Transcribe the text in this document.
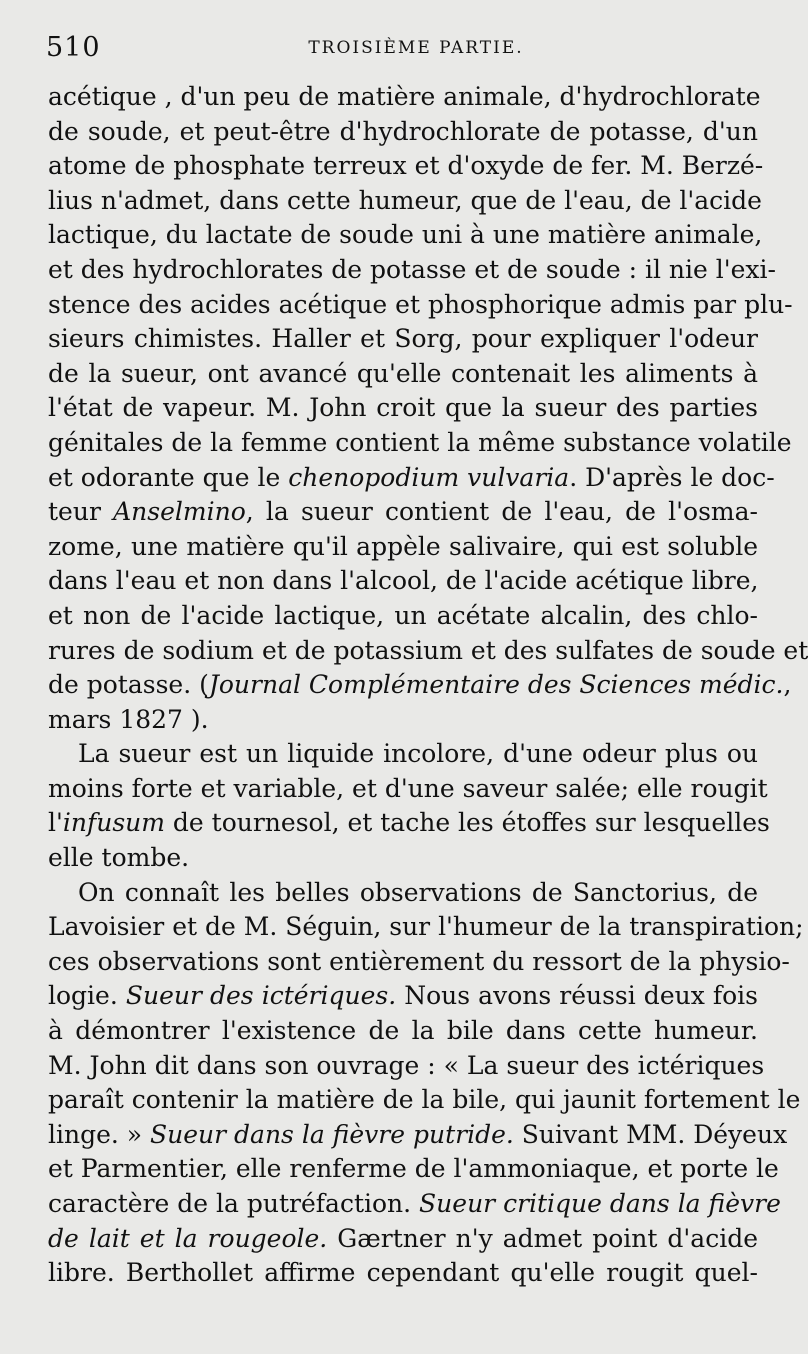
510	TROISIÈME PARTIE.
acétique , d'un peu de matière animale, d'hydrochlorate
de soude, et peut-être d'hydrochlorate de potasse, d'un
atome de phosphate terreux et d'oxyde de fer. M. Berzé-
lius n'admet, dans cette humeur, que de l'eau, de l'acide
lactique, du lactate de soude uni à une matière animale,
et des hydrochlorates de potasse et de soude : il nie l'exi-
stence des acides acétique et phosphorique admis par plu-
sieurs chimistes. Haller et Sorg, pour expliquer l'odeur
de la sueur, ont avancé qu'elle contenait les aliments à
l'état de vapeur. M. John croit que la sueur des parties
génitales de la femme contient la même substance volatile
et odorante que le chenopodium vulvaria. D'après le doc-
teur Anselmino, la sueur contient de l'eau, de l'osma-
zome, une matière qu'il appèle salivaire, qui est soluble
dans l'eau et non dans l'alcool, de l'acide acétique libre,
et non de l'acide lactique, un acétate alcalin, des chlo-
rures de sodium et de potassium et des sulfates de soude et
de potasse. (Journal Complémentaire des Sciences médic.,
mars 1827 ).
La sueur est un liquide incolore, d'une odeur plus ou
moins forte et variable, et d'une saveur salée; elle rougit
l'infusum de tournesol, et tache les étoffes sur lesquelles
elle tombe.
On connaît les belles observations de Sanctorius, de
Lavoisier et de M. Séguin, sur l'humeur de la transpiration;
ces observations sont entièrement du ressort de la physio-
logie. Sueur des ictériques. Nous avons réussi deux fois
à démontrer l'existence de la bile dans cette humeur.
M. John dit dans son ouvrage : « La sueur des ictériques
paraît contenir la matière de la bile, qui jaunit fortement le
linge. » Sueur dans la fièvre putride. Suivant MM. Déyeux
et Parmentier, elle renferme de l'ammoniaque, et porte le
caractère de la putréfaction. Sueur critique dans la fièvre
de lait et la rougeole. Gærtner n'y admet point d'acide
libre. Berthollet affirme cependant qu'elle rougit quel-
